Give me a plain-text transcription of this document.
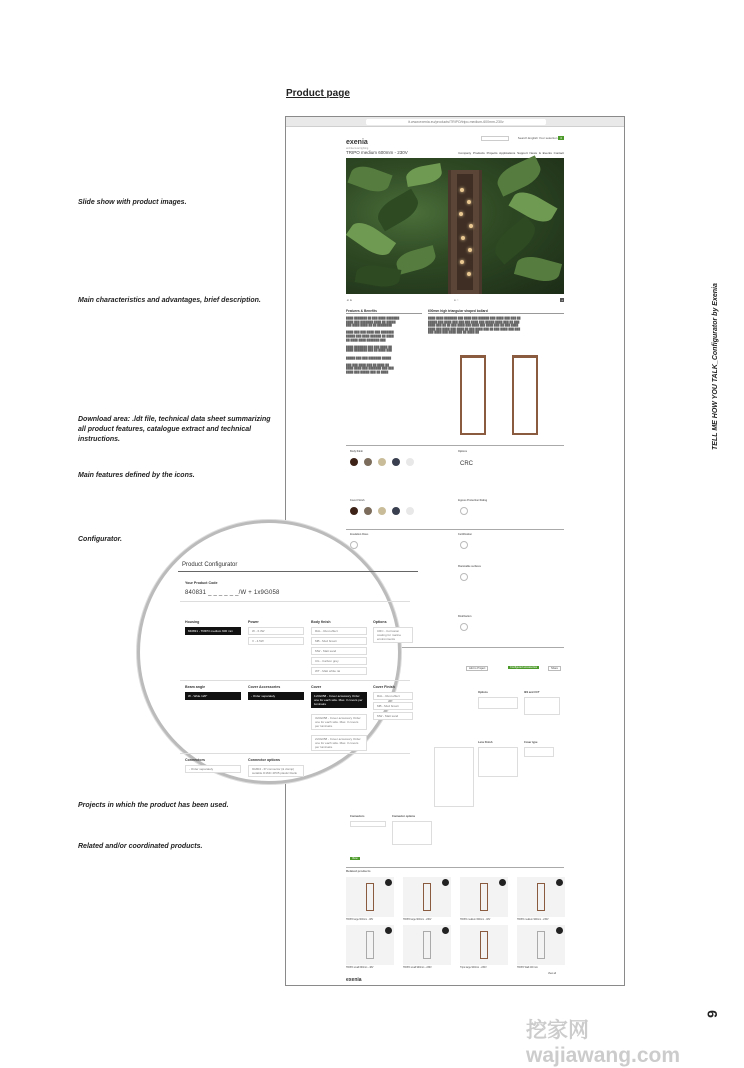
Product page
Slide show with product images.
Main characteristics and advantages, brief description.
Download area: .ldt file, technical data sheet summarizing all product features, catalogue extract and technical instructions.
Main features defined by the icons.
Configurator.
Projects in which the product has been used.
Related and/or coordinated products.
TELL ME HOW YOU TALK_Configurator by Exenia
9
挖家网 wajiawang.com
it.www.exenia.eu/products/TRIPO/tripo-medium-600mm-230v
exenia
architectural lighting
Search English Your selection 0
Company Products Projects Applications Support News & Events Contact
TRIPO medium 600mm - 230V
◄ ►	● ○	+
Features & Benefits
████ ███████ ██ ███ ████ ███████
████ ███ ███████ ████ ██ █████
███ ████ ████ ██ ██ ████████

████ ███ ███ ████ ███ ███████
█████ ███ ████ ██████ ██ ████
██ ████ ████ ███████ ███

████ ███████ ███ ███ ████ ██
████ ███████ ███ ██ ████ ███

█████ ███ ███ ███████ █████

███ ███ ████ ███ ██ ████ ██
████ ████ ███ ███████ ███ ███
████ ███ █████ ███ ██ ████
600mm high triangular shaped bollard
████ ████ ███████ ███ ████ ███ ██████ ███ ████ ███ ███ ██
█████ ███ ████ ███ ███ ███ ████ ███ █████ ████ ███ ██ ███
████ ███ ██ ██ ███ ████ ███ ████ ███ ████ ███ ██ ███ ████
████ ███ ████ ███ ████ ██ ███ ████ ███ ██ ███ ████ ███ ███
███ ████ ███ ████ ███ ██ ████ ██
Body finish	Options
CRC
Cover Finish	Ingress Protection Rating
Insulation Class	Certification
Flammable surfaces
Distribution
Add to Project	Configured accessories	Share
Options	IES and CCT
Cover type
Lens Finish
Connectors	Connector options
View
Related products
TRIPO large 600mm - 48V	TRIPO large 900mm - 230V	TRIPO medium 600mm - 48V	TRIPO medium 900mm - 230V
TRIPO small 600mm - 48V	TRIPO small 900mm - 230V	Tripo large 900mm - 230V	TRIPO Wall 200 mm
View all
exenia
Product Configurator
Your Product Code
840831 _ _ _ _ _ _/W + 1x9G058
Housing
840831 - TRIPO medium 600 mm
Power
W - 6.3W
V - 4.5W
Body finish
RAL - Rust effect
MB - Mud brown
MW - Matt sand
CG - Carbon grey
WT - Matt white rai
Options
CRC - Corrosion coating for marine environments
Beam angle
W - Wide 120°
Cover Accessories
- Order separately
Cover
1x9G058 - Cover accessory Order one for each side. Max. 3 covers per luminaire
3x9G058 - Cover accessory Order one for each side. Max. 3 covers per luminaire
2x9G058 - Cover accessory Order one for each side. Max. 3 covers per luminaire
Cover Finish
RAL - Rust effect
MB - Mud brown
MW - Matt sand
Connectors
- Order separately
Connector options
9G804 - IP connector (& clamp) suitable D1MC 2P05 plastic blank
